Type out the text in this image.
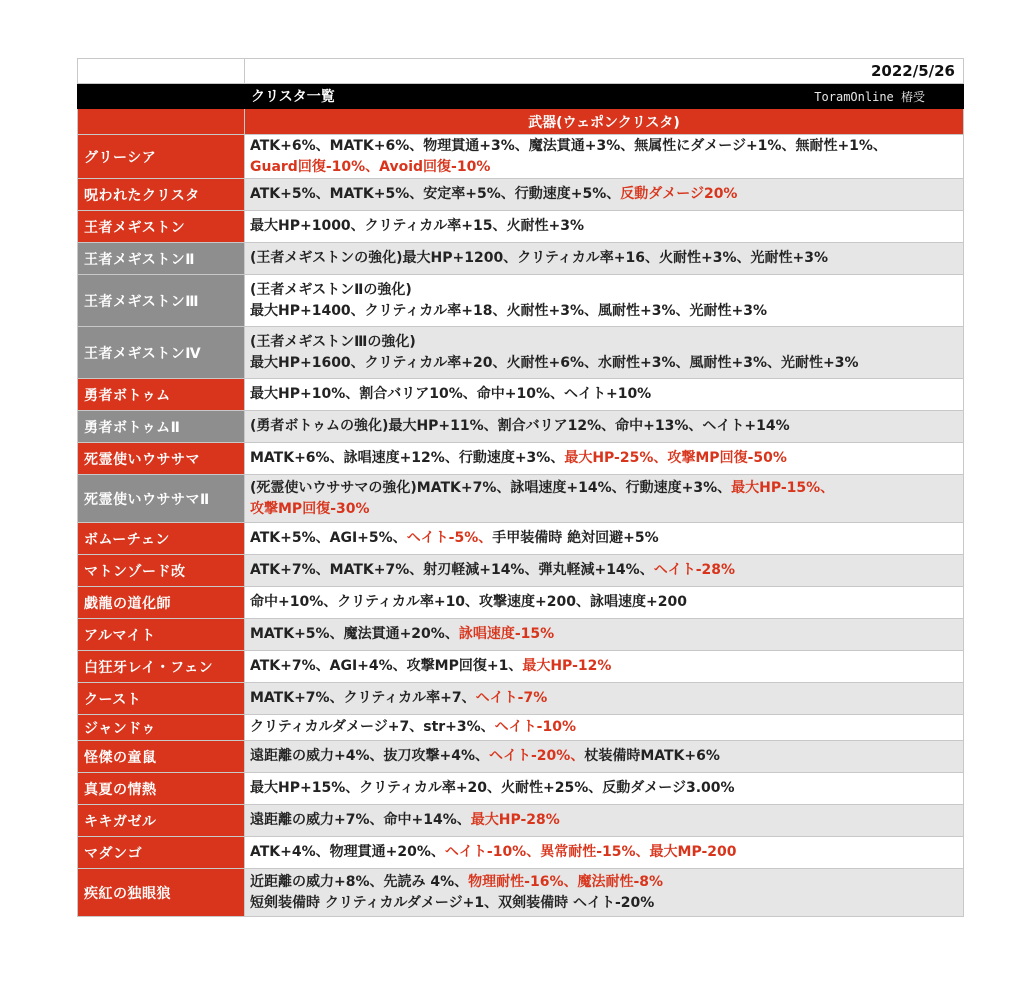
	2022/5/26
	クリスタ一覧 ToramOnline 椿受

	武器(ウェポンクリスタ)
グリーシア	ATK+6%、MATK+6%、物理貫通+3%、魔法貫通+3%、無属性にダメージ+1%、無耐性+1%、
Guard回復-10%、Avoid回復-10%

呪われたクリスタ	ATK+5%、MATK+5%、安定率+5%、行動速度+5%、反動ダメージ20%

王者メギストン	最大HP+1000、クリティカル率+15、火耐性+3%

王者メギストンⅡ	(王者メギストンの強化)最大HP+1200、クリティカル率+16、火耐性+3%、光耐性+3%

王者メギストンⅢ	(王者メギストンⅡの強化)
最大HP+1400、クリティカル率+18、火耐性+3%、風耐性+3%、光耐性+3%

王者メギストンⅣ	(王者メギストンⅢの強化)
最大HP+1600、クリティカル率+20、火耐性+6%、水耐性+3%、風耐性+3%、光耐性+3%

勇者ボトゥム	最大HP+10%、割合バリア10%、命中+10%、ヘイト+10%

勇者ボトゥムⅡ	(勇者ボトゥムの強化)最大HP+11%、割合バリア12%、命中+13%、ヘイト+14%

死霊使いウササマ	MATK+6%、詠唱速度+12%、行動速度+3%、最大HP-25%、攻撃MP回復-50%

死霊使いウササマⅡ	(死霊使いウササマの強化)MATK+7%、詠唱速度+14%、行動速度+3%、最大HP-15%、
攻撃MP回復-30%

ボムーチェン	ATK+5%、AGI+5%、ヘイト-5%、手甲装備時 絶対回避+5%

マトンゾード改	ATK+7%、MATK+7%、射刃軽減+14%、弾丸軽減+14%、ヘイト-28%

戯龍の道化師	命中+10%、クリティカル率+10、攻撃速度+200、詠唱速度+200

アルマイト	MATK+5%、魔法貫通+20%、詠唱速度-15%

白狂牙レイ・フェン	ATK+7%、AGI+4%、攻撃MP回復+1、最大HP-12%

クースト	MATK+7%、クリティカル率+7、ヘイト-7%

ジャンドゥ	クリティカルダメージ+7、str+3%、ヘイト-10%

怪傑の童鼠	遠距離の威力+4%、抜刀攻撃+4%、ヘイト-20%、杖装備時MATK+6%

真夏の情熱	最大HP+15%、クリティカル率+20、火耐性+25%、反動ダメージ3.00%

キキガゼル	遠距離の威力+7%、命中+14%、最大HP-28%

マダンゴ	ATK+4%、物理貫通+20%、ヘイト-10%、異常耐性-15%、最大MP-200

疾紅の独眼狼	近距離の威力+8%、先読み 4%、物理耐性-16%、魔法耐性-8%
短剣装備時 クリティカルダメージ+1、双剣装備時 ヘイト-20%
